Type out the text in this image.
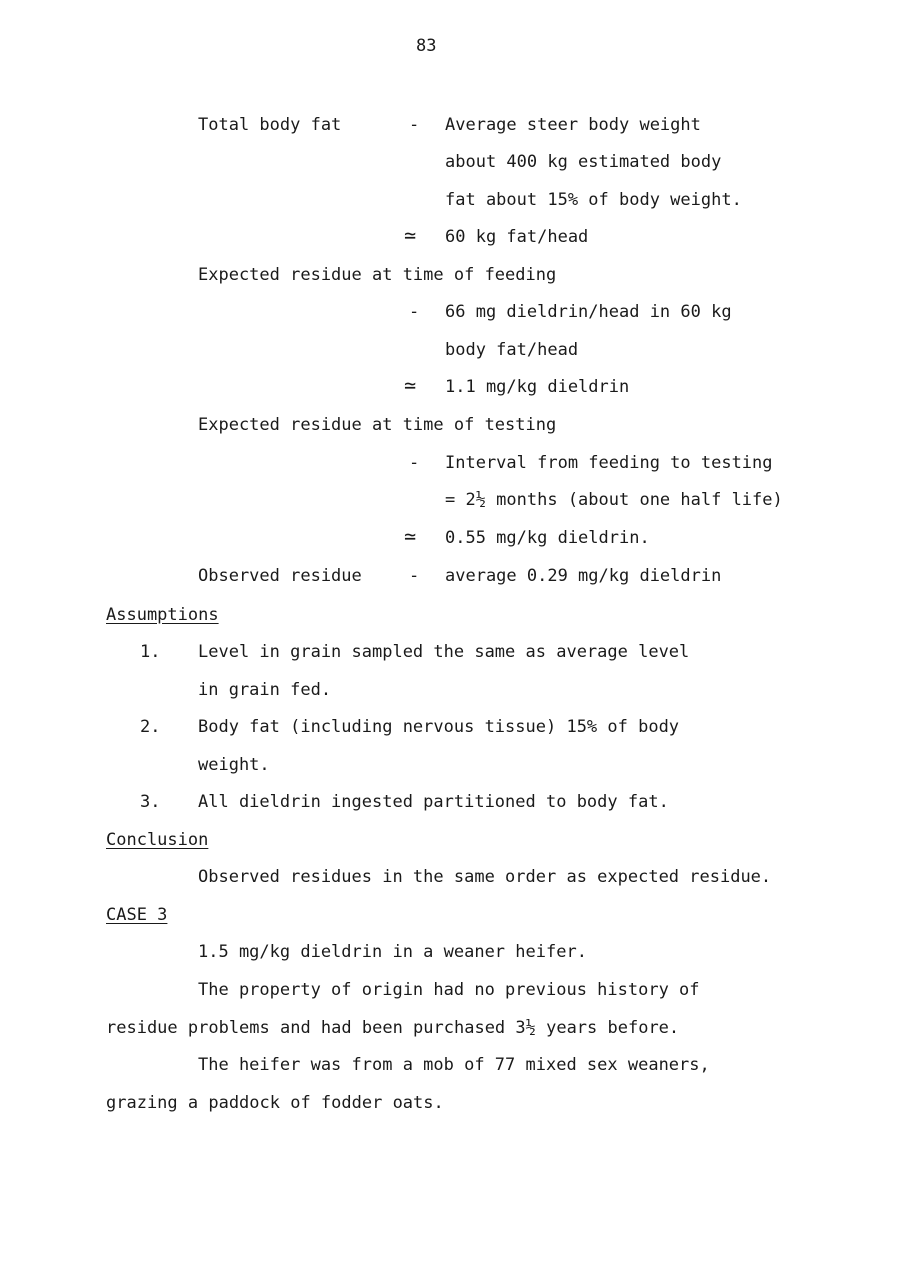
83
Total body fat	- Average steer body weight
about 400 kg estimated body
fat about 15% of body weight.
≃ 60 kg fat/head
Expected residue at time of feeding
- 66 mg dieldrin/head in 60 kg
body fat/head
≃ 1.1 mg/kg dieldrin
Expected residue at time of testing
- Interval from feeding to testing
= 2½ months (about one half life)
≃ 0.55 mg/kg dieldrin.
Observed residue	- average 0.29 mg/kg dieldrin
Assumptions
1. Level in grain sampled the same as average level
in grain fed.
2. Body fat (including nervous tissue) 15% of body
weight.
3. All dieldrin ingested partitioned to body fat.
Conclusion
Observed residues in the same order as expected residue.
CASE 3
1.5 mg/kg dieldrin in a weaner heifer.
The property of origin had no previous history of
residue problems and had been purchased 3½ years before.
The heifer was from a mob of 77 mixed sex weaners,
grazing a paddock of fodder oats.
